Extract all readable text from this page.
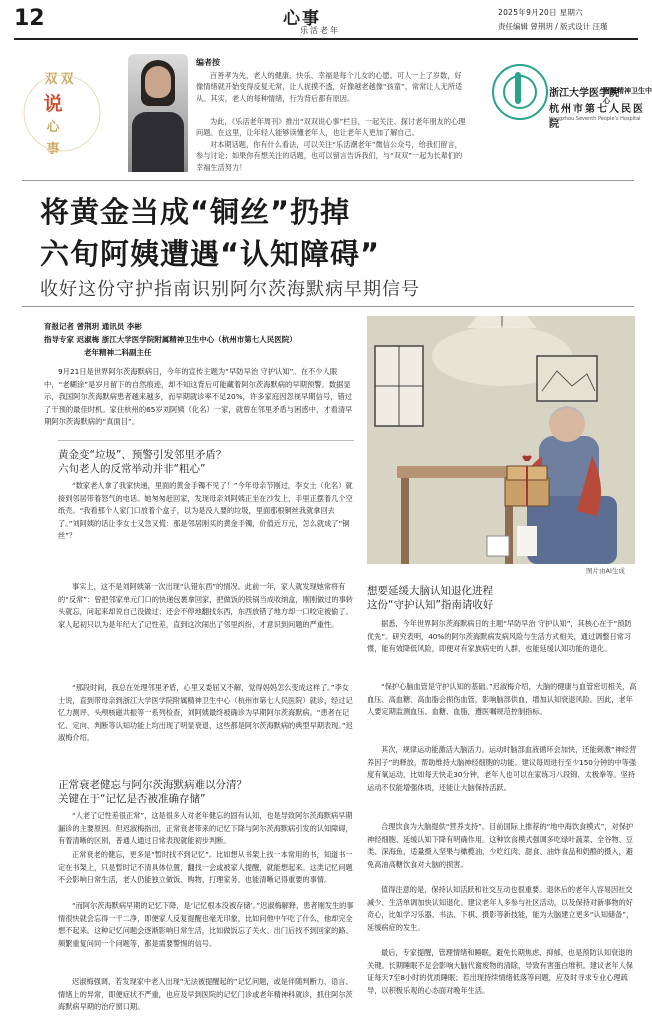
12	心事
乐活老年
2025年9月20日 星期六
责任编辑 曾荆玥 / 版式设计 汪瑾
双 双
说
心
事
编者按

百善孝为先，老人的健康、快乐、幸福是每个儿女的心愿。可人一上了岁数，好像情绪就开始变得反复无常，让人捉摸不透，好像越老越像“孩童”，常常让人无所适从。其实，老人的每种情绪，行为背后都有原因。

为此，《乐活老年周刊》推出“双双说心事”栏目，一起关注、探讨老年朋友的心理问题。在这里，让年轻人能够读懂老年人，也让老年人更加了解自己。

对本期话题，你有什么看法，可以关注“乐活潮老年”微信公众号，给我们留言，参与讨论；如果你有想关注的话题，也可以留言告诉我们，与“双双”一起为长辈们的幸福生活努力！

浙江大学医学院
附属精神卫生中心
杭州市第七人民医院
Hangzhou Seventh People's Hospital
将黄金当成“铜丝”扔掉
六旬阿姨遭遇“认知障碍”
收好这份守护指南识别阿尔茨海默病早期信号
育报记者 曾荆玥 通讯员 李彬
指导专家 迟淑梅 浙江大学医学院附属精神卫生中心（杭州市第七人民医院）
老年精神二科副主任

9月21日是世界阿尔茨海默病日，今年的宣传主题为“早防早治 守护认知”。在不少人眼中，“老糊涂”是岁月留下的自然痕迹，却不知这背后可能藏着阿尔茨海默病的早期预警。数据显示，我国阿尔茨海默病患者越来越多，而早期就诊率不足20%，许多家庭因忽视早期信号，错过了干预的最佳时机。家住杭州的65岁刘阿姨（化名）一家，就曾在邻里矛盾与困惑中，才看清早期阿尔茨海默病的“真面目”。

黄金变“垃圾”、预警引发邻里矛盾？
六旬老人的反常举动并非“粗心”

“数家老人拿了我家快递，里面的黄金手镯不见了！”今年母亲节刚过，李女士（化名）就接到邻居带着怒气的电话。她匆匆赶回家，发现母亲刘阿姨正坐在沙发上，手里正摆着几个空纸壳。“我看那个人家门口放着个盒子，以为是没人要的垃圾，里面那根铜丝我就拿回去了。”刘阿姨的话让李女士又急又慌：那是邻居刚买的黄金手镯，价值近万元，怎么就成了“铜丝”？

事实上，这不是刘阿姨第一次出现“认错东西”的情况。此前一年，家人就发现她常将有的“反常”：曾把邻家单元门口的快递包裹拿回家，把做饭的铁锅当成收纳盒，刚刚做过的事转头就忘，问起来却说自己没做过；还会不停地翻找东西，东西放错了地方却一口咬定被偷了。家人起初只以为是年纪大了记性差，直到这次闹出了邻里纠纷，才意识到问题的严重性。

“那段时间，我总在处理邻里矛盾，心里又委屈又不解，觉得妈妈怎么变成这样了。”李女士说，直到带母亲到浙江大学医学院附属精神卫生中心（杭州市第七人民医院）就诊，经过记忆力测评、头颅核磁共振等一系列检查，刘阿姨最终被确诊为早期阿尔茨海默病。“患者在记忆、定向、判断等认知功能上均出现了明显衰退，这些都是阿尔茨海默病的典型早期表现。”迟淑梅介绍。

正常衰老健忘与阿尔茨海默病难以分清？
关键在于“记忆是否被准确存储”

“人老了记性差很正常”，这是很多人对老年健忘的固有认知，也是导致阿尔茨海默病早期漏诊的主要原因。但迟淑梅指出，正常衰老带来的记忆下降与阿尔茨海默病引发的认知障碍，有着清晰的区别，普通人通过日常表现就能初步判断。

正常衰老的健忘，更多是“暂时找不到记忆”。比如想从书架上找一本常用的书，知道书一定在书架上，只是暂时记不清具体位置，翻找一会或被家人提醒，就能想起来。这类记忆问题不会影响日常生活，老人仍能独立做饭、购物、打理家务，也能清晰记得重要的事情。

“而阿尔茨海默病早期的记忆下降，是‘记忆根本没被存储’。”迟淑梅解释，患者刚发生的事情很快就会忘得一干二净，即便家人反复提醒也毫无印象，比如问他中午吃了什么，他却完全想不起来。这种记忆问题会逐渐影响日常生活，比如做饭忘了关火、出门后找不到回家的路、频繁重复问同一个问题等，都是需要警惕的信号。

迟淑梅强调，若发现家中老人出现“无法被提醒起的”记忆问题，或是伴随判断力、语言、情绪上的异常，即便症状不严重，也应及早到医院的记忆门诊或老年精神科就诊，抓住阿尔茨海默病早期的治疗窗口期。

图片由AI生成
想要延缓大脑认知退化进程
这份“守护认知”指南请收好

据悉，今年世界阿尔茨海默病日的主题“早防早治 守护认知”，其核心在于“预防优先”。研究表明，40%的阿尔茨海默病发病风险与生活方式相关，通过调整日常习惯，能有效降低风险，即便对有家族病史的人群，也能延缓认知功能的退化。

“保护心脑血管是守护认知的基础。”迟淑梅介绍，大脑的健康与血管密切相关，高血压、高血糖、高血脂会损伤血管，影响脑部供血，增加认知衰退风险。因此，老年人要定期监测血压、血糖、血脂，遵医嘱规范控制指标。

其次，规律运动能激活大脑活力。运动时脑部血液循环会加快，还能刺激“神经营养因子”的释放，帮助维持大脑神经细胞的功能。建议每周进行至少150分钟的中等强度有氧运动，比如每天快走30分钟，老年人也可以在家练习八段锦、太极拳等。坚持运动不仅能增强体质，还能让大脑保持活跃。

合理饮食为大脑提供“营养支持”。目前国际上推荐的“地中海饮食模式”，对保护神经细胞、延缓认知下降有明确作用。这种饮食模式强调多吃绿叶蔬菜、全谷物、豆类、深海鱼，适量摄入坚果与橄榄油，少吃红肉、甜食、油炸食品和奶酪的摄入，避免高油高糖饮食对大脑的损害。

值得注意的是，保持认知活跃和社交互动也很重要。退休后的老年人容易因社交减少、生活单调加快认知退化。建议老年人多参与社区活动，以及保持对新事物的好奇心，比如学习乐器、书法、下棋、摄影等新技能，能为大脑建立更多“认知储备”，延缓病症的发生。

最后，专家提醒，管理情绪和睡眠，避免长期焦虑、抑郁，也是预防认知衰退的关键。长期睡眠不足会影响大脑代谢废物的清除，导致有害蛋白堆积。建议老年人保证每天7至8小时的优质睡眠；若出现持续情绪低落等问题，应及时寻求专业心理疏导，以积极乐观的心态面对晚年生活。
